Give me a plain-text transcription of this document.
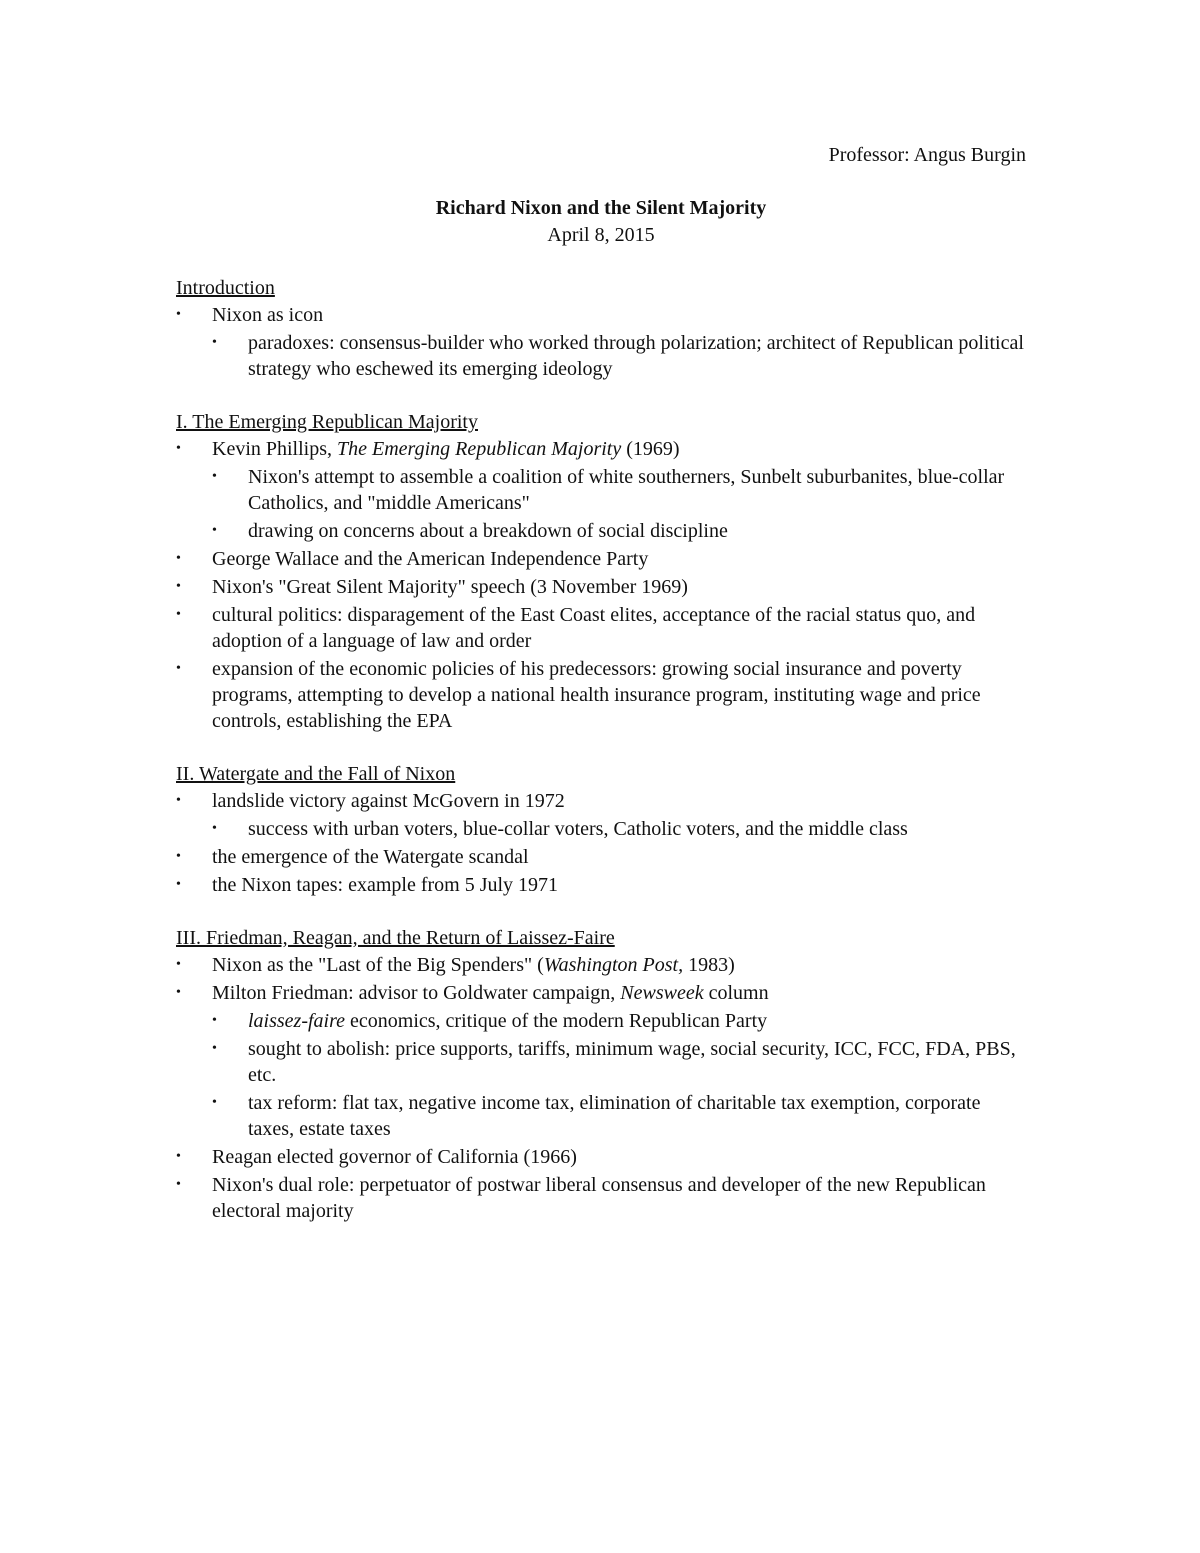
Professor: Angus Burgin

Richard Nixon and the Silent Majority

April 8, 2015

Introduction

•	Nixon as icon
•	paradoxes: consensus-builder who worked through polarization; architect of Republican political strategy who eschewed its emerging ideology

I. The Emerging Republican Majority

•	Kevin Phillips, The Emerging Republican Majority (1969)
•	Nixon's attempt to assemble a coalition of white southerners, Sunbelt suburbanites, blue-collar Catholics, and "middle Americans"
•	drawing on concerns about a breakdown of social discipline
•	George Wallace and the American Independence Party
•	Nixon's "Great Silent Majority" speech (3 November 1969)
•	cultural politics: disparagement of the East Coast elites, acceptance of the racial status quo, and adoption of a language of law and order
•	expansion of the economic policies of his predecessors: growing social insurance and poverty programs, attempting to develop a national health insurance program, instituting wage and price controls, establishing the EPA

II. Watergate and the Fall of Nixon

•	landslide victory against McGovern in 1972
•	success with urban voters, blue-collar voters, Catholic voters, and the middle class
•	the emergence of the Watergate scandal
•	the Nixon tapes: example from 5 July 1971

III. Friedman, Reagan, and the Return of Laissez-Faire

•	Nixon as the "Last of the Big Spenders" (Washington Post, 1983)
•	Milton Friedman: advisor to Goldwater campaign, Newsweek column
•	laissez-faire economics, critique of the modern Republican Party
•	sought to abolish: price supports, tariffs, minimum wage, social security, ICC, FCC, FDA, PBS, etc.
•	tax reform: flat tax, negative income tax, elimination of charitable tax exemption, corporate taxes, estate taxes
•	Reagan elected governor of California (1966)
•	Nixon's dual role: perpetuator of postwar liberal consensus and developer of the new Republican electoral majority
